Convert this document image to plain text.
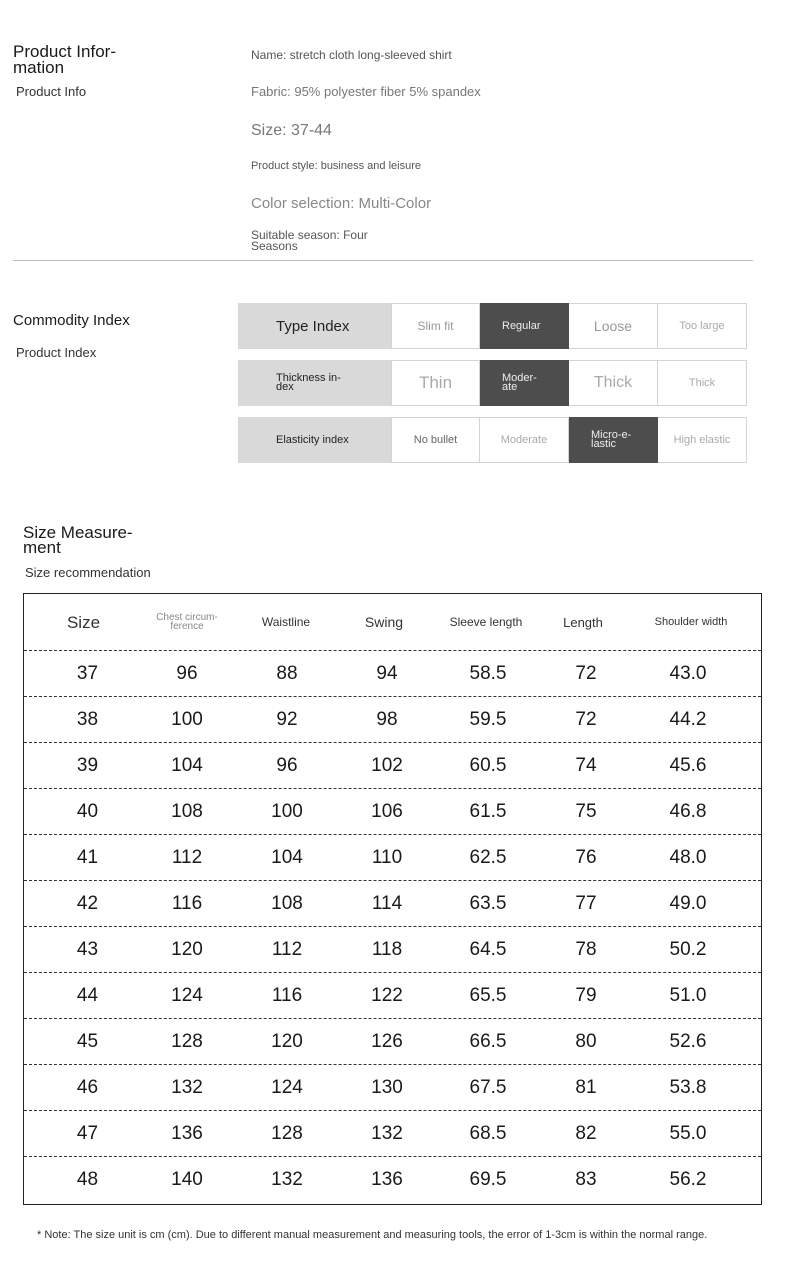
Product Infor-
mation
Product Info
Name: stretch cloth long-sleeved shirt
Fabric: 95% polyester fiber 5% spandex
Size: 37-44
Product style: business and leisure
Color selection: Multi-Color
Suitable season: Four
Seasons
Commodity Index
Product Index
Type Index	Slim fit	Regular	Loose	Too large
Thickness in-
dex	Thin	Moder-
ate	Thick	Thick
Elasticity index	No bullet	Moderate	Micro-e-
lastic	High elastic
Size Measure-
ment
Size recommendation
Size	Chest circum-
ference	Waistline	Swing	Sleeve length	Length	Shoulder width
37	96	88	94	58.5	72	43.0
38	100	92	98	59.5	72	44.2
39	104	96	102	60.5	74	45.6
40	108	100	106	61.5	75	46.8
41	112	104	110	62.5	76	48.0
42	116	108	114	63.5	77	49.0
43	120	112	118	64.5	78	50.2
44	124	116	122	65.5	79	51.0
45	128	120	126	66.5	80	52.6
46	132	124	130	67.5	81	53.8
47	136	128	132	68.5	82	55.0
48	140	132	136	69.5	83	56.2
* Note: The size unit is cm (cm). Due to different manual measurement and measuring tools, the error of 1-3cm is within the normal range.
